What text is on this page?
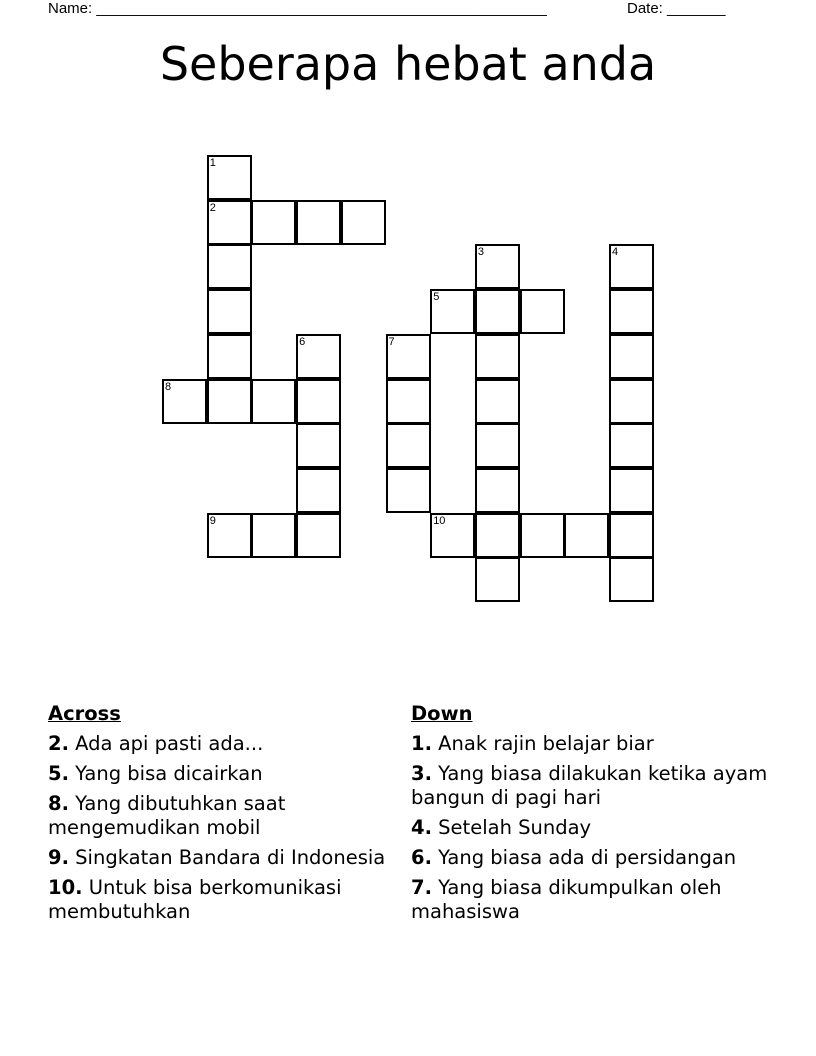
Name: ______________________________________________________	Date: _______
Seberapa hebat anda
1
2
3	4
5
6	7
8
9	10
Across
2. Ada api pasti ada...
5. Yang bisa dicairkan
8. Yang dibutuhkan saat mengemudikan mobil
9. Singkatan Bandara di Indonesia
10. Untuk bisa berkomunikasi membutuhkan
Down
1. Anak rajin belajar biar
3. Yang biasa dilakukan ketika ayam bangun di pagi hari
4. Setelah Sunday
6. Yang biasa ada di persidangan
7. Yang biasa dikumpulkan oleh mahasiswa
